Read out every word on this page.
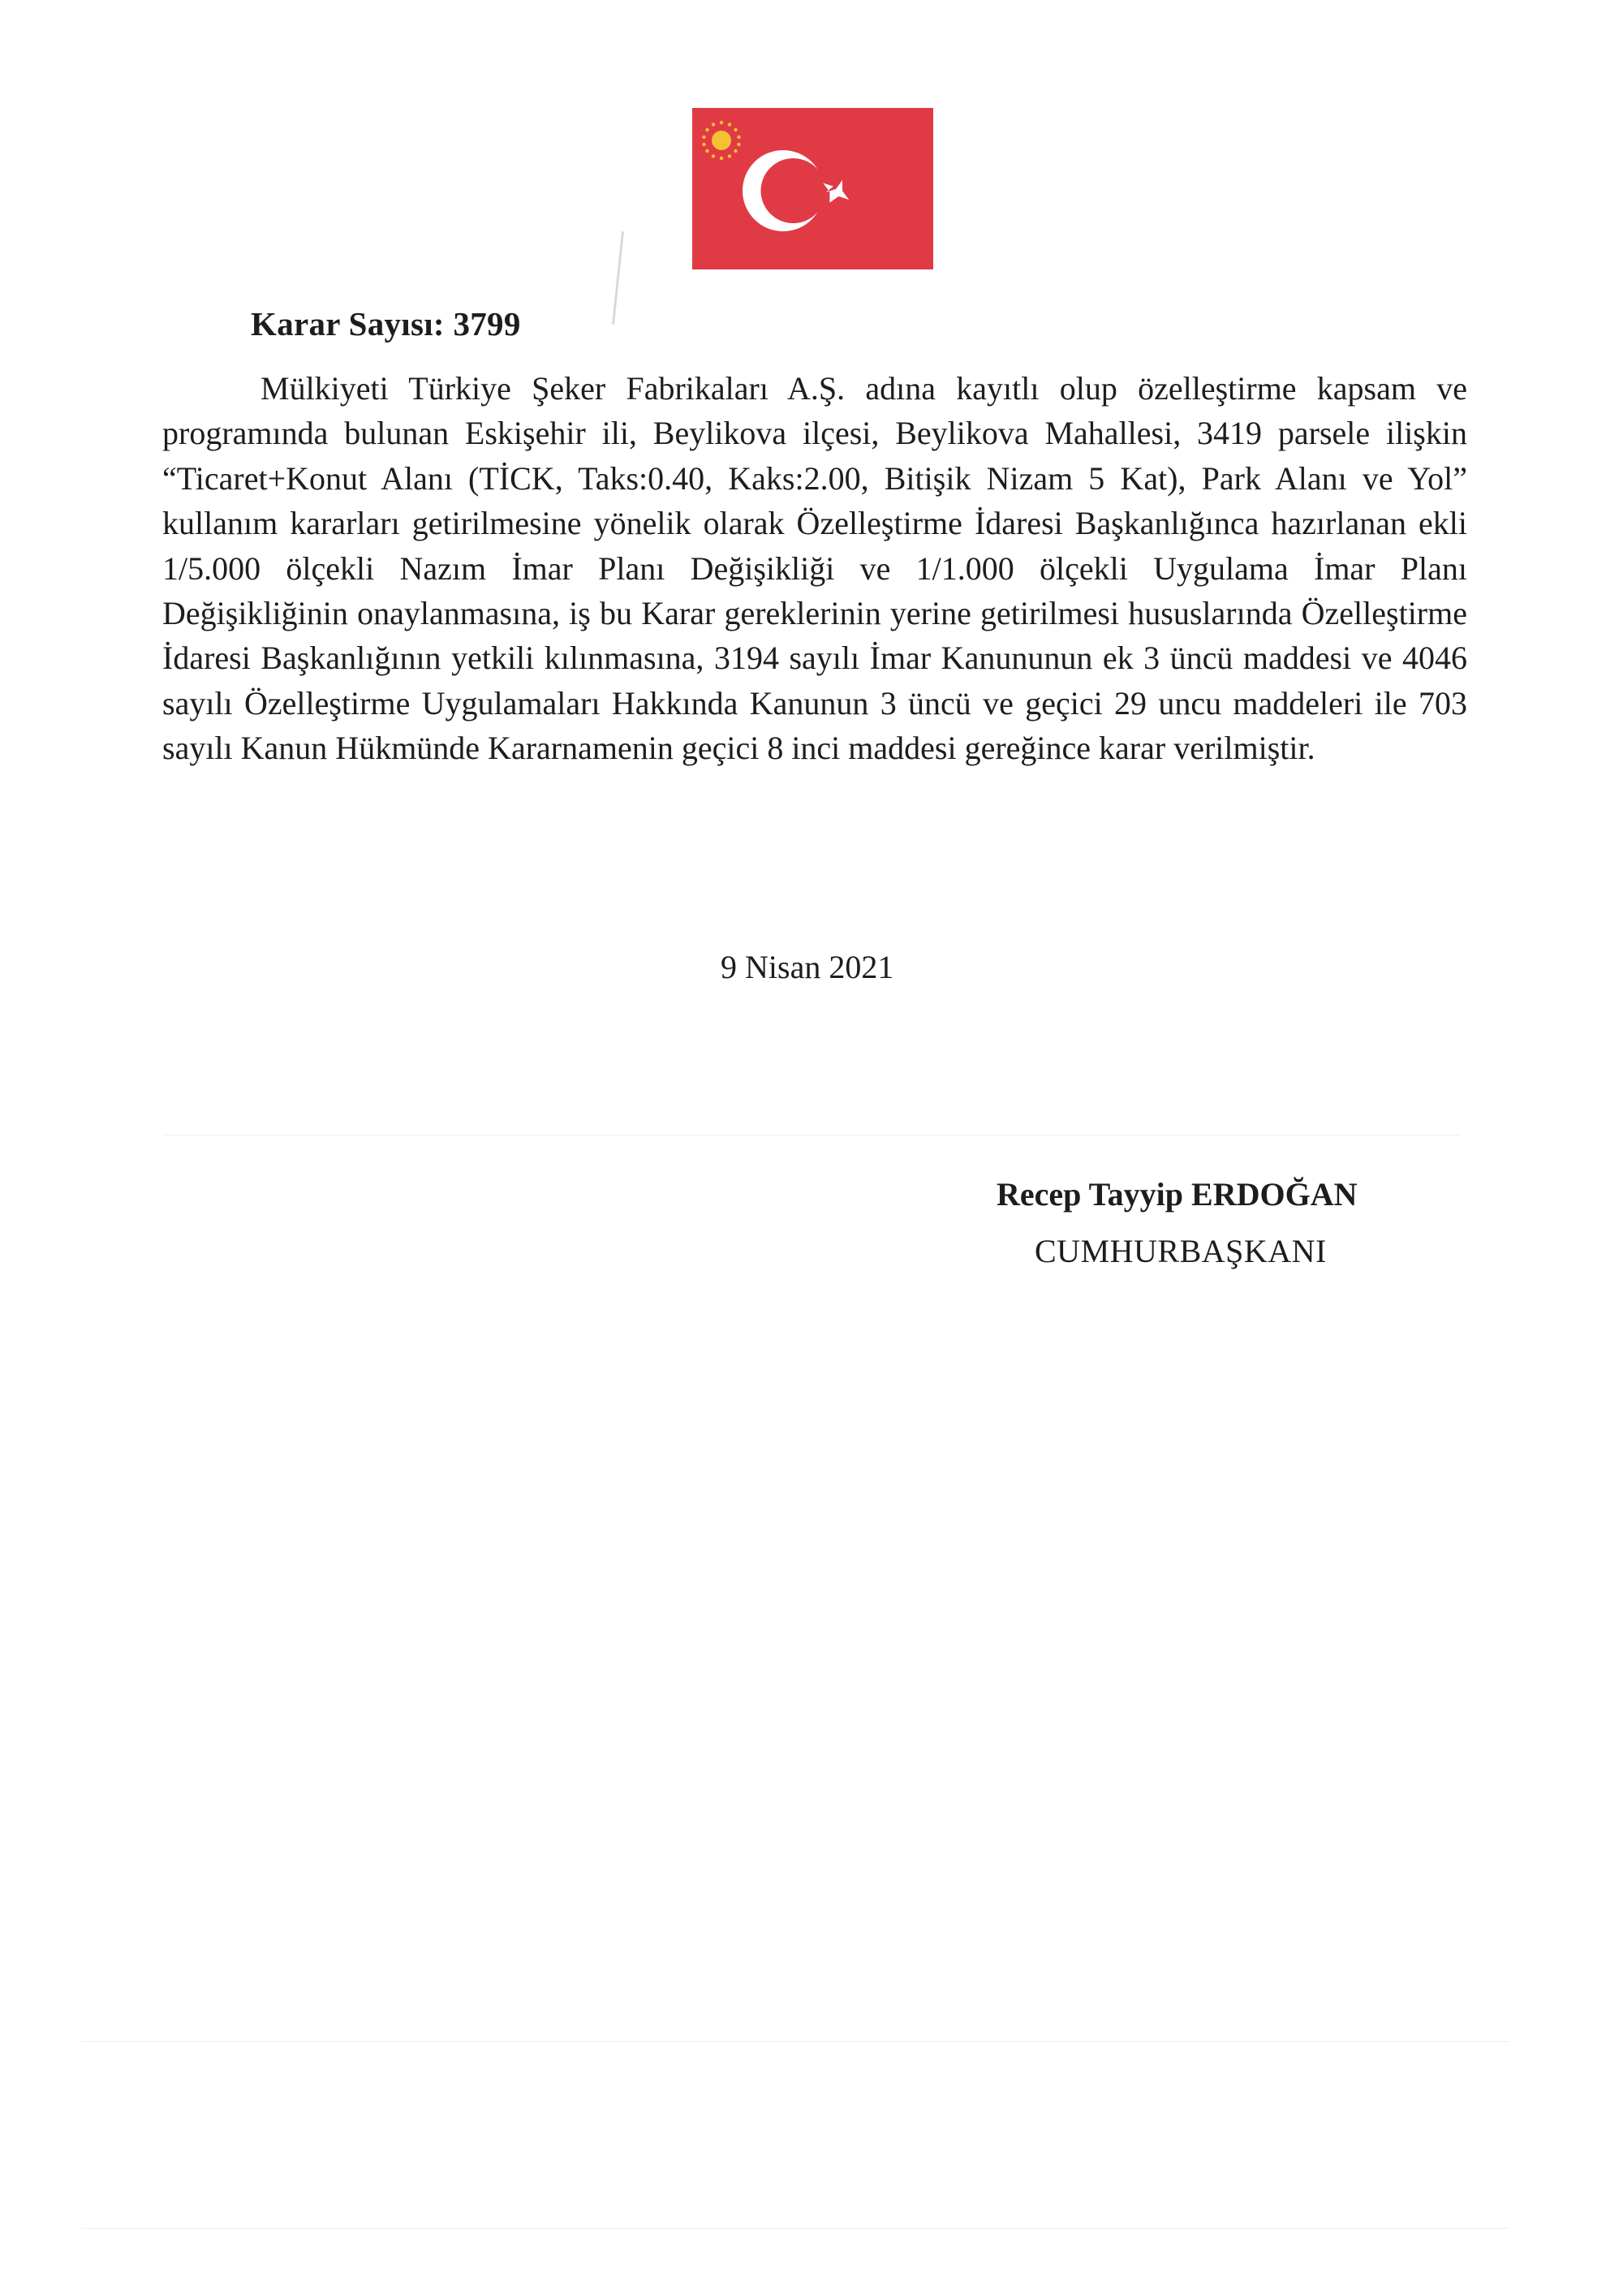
Karar Sayısı: 3799

Mülkiyeti Türkiye Şeker Fabrikaları A.Ş. adına kayıtlı olup özelleştirme kapsam ve programında bulunan Eskişehir ili, Beylikova ilçesi, Beylikova Mahallesi, 3419 parsele ilişkin “Ticaret+Konut Alanı (TİCK, Taks:0.40, Kaks:2.00, Bitişik Nizam 5 Kat), Park Alanı ve Yol” kullanım kararları getirilmesine yönelik olarak Özelleştirme İdaresi Başkanlığınca hazırlanan ekli 1/5.000 ölçekli Nazım İmar Planı Değişikliği ve 1/1.000 ölçekli Uygulama İmar Planı Değişikliğinin onaylanmasına, iş bu Karar gereklerinin yerine getirilmesi hususlarında Özelleştirme İdaresi Başkanlığının yetkili kılınmasına, 3194 sayılı İmar Kanununun ek 3 üncü maddesi ve 4046 sayılı Özelleştirme Uygulamaları Hakkında Kanunun 3 üncü ve geçici 29 uncu maddeleri ile 703 sayılı Kanun Hükmünde Kararnamenin geçici 8 inci maddesi gereğince karar verilmiştir.

9 Nisan 2021
Recep Tayyip ERDOĞAN
CUMHURBAŞKANI
